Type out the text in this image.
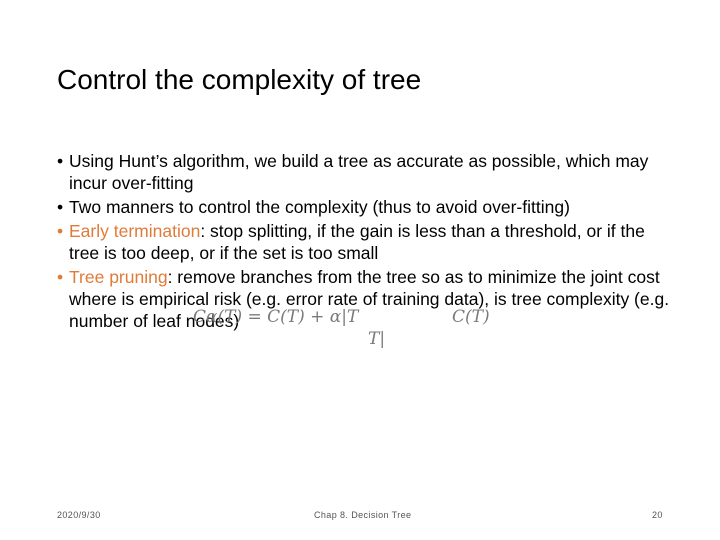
Control the complexity of tree
• Using Hunt’s algorithm, we build a tree as accurate as possible, which may incur over-fitting
• Two manners to control the complexity (thus to avoid over-fitting)
• Early termination: stop splitting, if the gain is less than a threshold, or if the tree is too deep, or if the set is too small
• Tree pruning: remove branches from the tree so as to minimize the joint cost where is empirical risk (e.g. error rate of training data), is tree complexity (e.g. number of leaf nodes)
Cα(T) = C(T) + α|T
T|
C(T)
2020/9/30	Chap 8. Decision Tree	20
